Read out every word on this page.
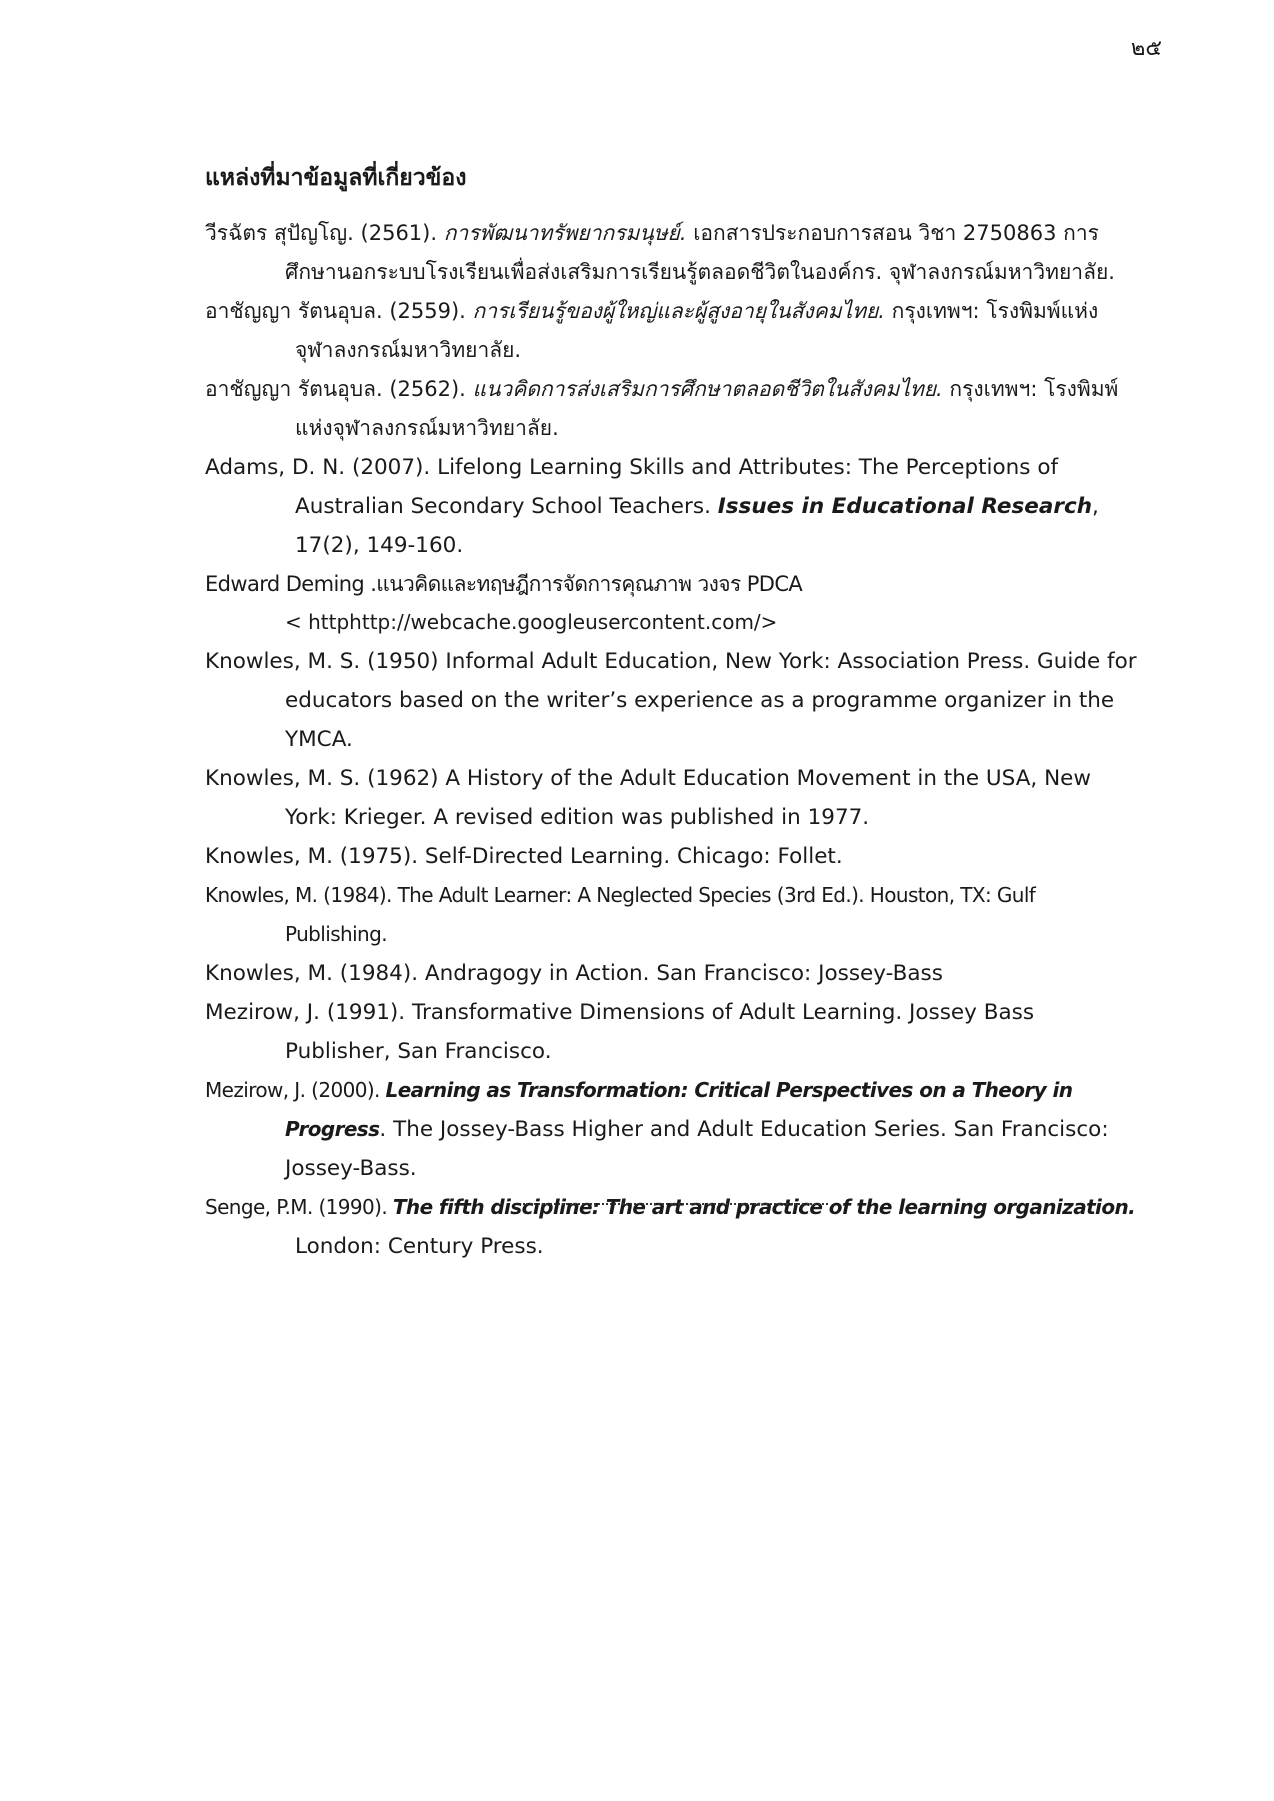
๒๕
แหล่งที่มาข้อมูลที่เกี่ยวข้อง

วีรฉัตร สุปัญโญ. (2561). การพัฒนาทรัพยากรมนุษย์. เอกสารประกอบการสอน วิชา 2750863 การศึกษานอกระบบโรงเรียนเพื่อส่งเสริมการเรียนรู้ตลอดชีวิตในองค์กร. จุฬาลงกรณ์มหาวิทยาลัย.

อาชัญญา รัตนอุบล. (2559). การเรียนรู้ของผู้ใหญ่และผู้สูงอายุในสังคมไทย. กรุงเทพฯ: โรงพิมพ์แห่งจุฬาลงกรณ์มหาวิทยาลัย.

อาชัญญา รัตนอุบล. (2562). แนวคิดการส่งเสริมการศึกษาตลอดชีวิตในสังคมไทย. กรุงเทพฯ: โรงพิมพ์แห่งจุฬาลงกรณ์มหาวิทยาลัย.

Adams, D. N. (2007). Lifelong Learning Skills and Attributes: The Perceptions of Australian Secondary School Teachers. Issues in Educational Research, 17(2), 149-160.

Edward Deming .แนวคิดและทฤษฎีการจัดการคุณภาพ วงจร PDCA

< httphttp://webcache.googleusercontent.com/>

Knowles, M. S. (1950) Informal Adult Education, New York: Association Press. Guide for educators based on the writer’s experience as a programme organizer in the YMCA.

Knowles, M. S. (1962) A History of the Adult Education Movement in the USA, New York: Krieger. A revised edition was published in 1977.

Knowles, M. (1975). Self-Directed Learning. Chicago: Follet.

Knowles, M. (1984). The Adult Learner: A Neglected Species (3rd Ed.). Houston, TX: Gulf Publishing.

Knowles, M. (1984). Andragogy in Action. San Francisco: Jossey-Bass

Mezirow, J. (1991). Transformative Dimensions of Adult Learning. Jossey Bass Publisher, San Francisco.

Mezirow, J. (2000). Learning as Transformation: Critical Perspectives on a Theory in Progress. The Jossey-Bass Higher and Adult Education Series. San Francisco: Jossey-Bass.

Senge, P.M. (1990). The fifth discipline: The art and practice of the learning organization. London: Century Press.
